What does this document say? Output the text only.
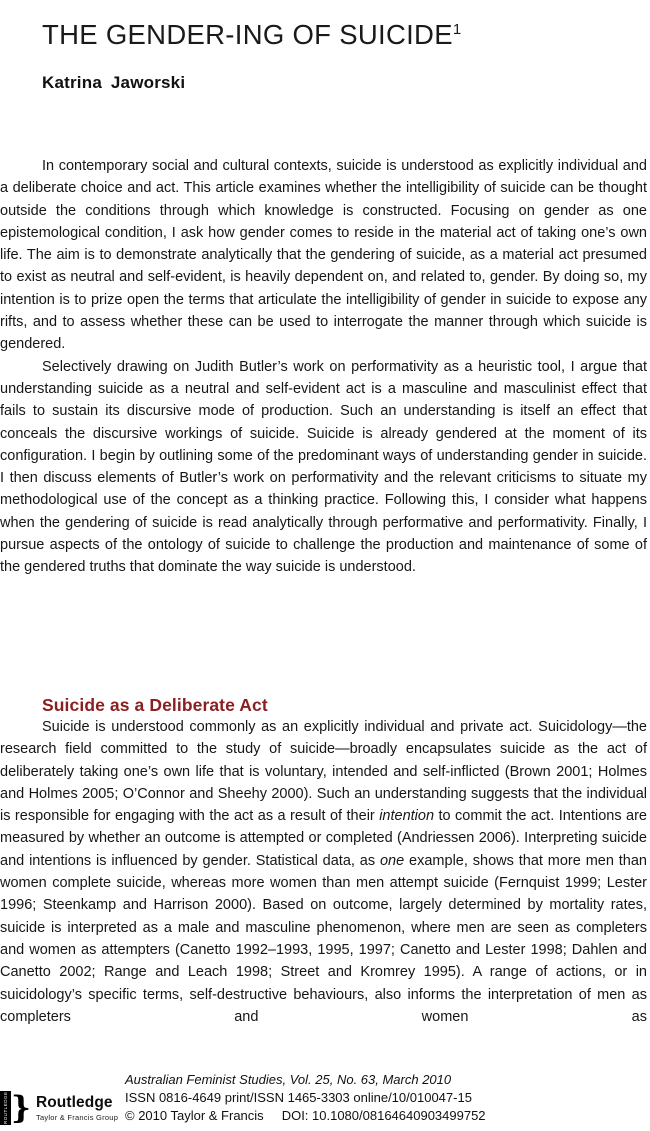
THE GENDER-ING OF SUICIDE$^1$
Katrina Jaworski

In contemporary social and cultural contexts, suicide is understood as explicitly individual and a deliberate choice and act. This article examines whether the intelligibility of suicide can be thought outside the conditions through which knowledge is constructed. Focusing on gender as one epistemological condition, I ask how gender comes to reside in the material act of taking one’s own life. The aim is to demonstrate analytically that the gendering of suicide, as a material act presumed to exist as neutral and self-evident, is heavily dependent on, and related to, gender. By doing so, my intention is to prize open the terms that articulate the intelligibility of gender in suicide to expose any rifts, and to assess whether these can be used to interrogate the manner through which suicide is gendered.

Selectively drawing on Judith Butler’s work on performativity as a heuristic tool, I argue that understanding suicide as a neutral and self-evident act is a masculine and masculinist effect that fails to sustain its discursive mode of production. Such an understanding is itself an effect that conceals the discursive workings of suicide. Suicide is already gendered at the moment of its configuration. I begin by outlining some of the predominant ways of understanding gender in suicide. I then discuss elements of Butler’s work on performativity and the relevant criticisms to situate my methodological use of the concept as a thinking practice. Following this, I consider what happens when the gendering of suicide is read analytically through performative and performativity. Finally, I pursue aspects of the ontology of suicide to challenge the production and maintenance of some of the gendered truths that dominate the way suicide is understood.

Suicide as a Deliberate Act

Suicide is understood commonly as an explicitly individual and private act. Suicidology—the research field committed to the study of suicide—broadly encapsulates suicide as the act of deliberately taking one’s own life that is voluntary, intended and self-inflicted (Brown 2001; Holmes and Holmes 2005; O’Connor and Sheehy 2000). Such an understanding suggests that the individual is responsible for engaging with the act as a result of their intention to commit the act. Intentions are measured by whether an outcome is attempted or completed (Andriessen 2006). Interpreting suicide and intentions is influenced by gender. Statistical data, as one example, shows that more men than women complete suicide, whereas more women than men attempt suicide (Fernquist 1999; Lester 1996; Steenkamp and Harrison 2000). Based on outcome, largely determined by mortality rates, suicide is interpreted as a male and masculine phenomenon, where men are seen as completers and women as attempters (Canetto 1992–1993, 1995, 1997; Canetto and Lester 1998; Dahlen and Canetto 2002; Range and Leach 1998; Street and Kromrey 1995). A range of actions, or in suicidology’s specific terms, self-destructive behaviours, also informs the interpretation of men as completers and women as

ROUTLEDGE } Routledge
Taylor & Francis Group
Australian Feminist Studies, Vol. 25, No. 63, March 2010
ISSN 0816-4649 print/ISSN 1465-3303 online/10/010047-15
© 2010 Taylor & Francis DOI: 10.1080/08164640903499752
